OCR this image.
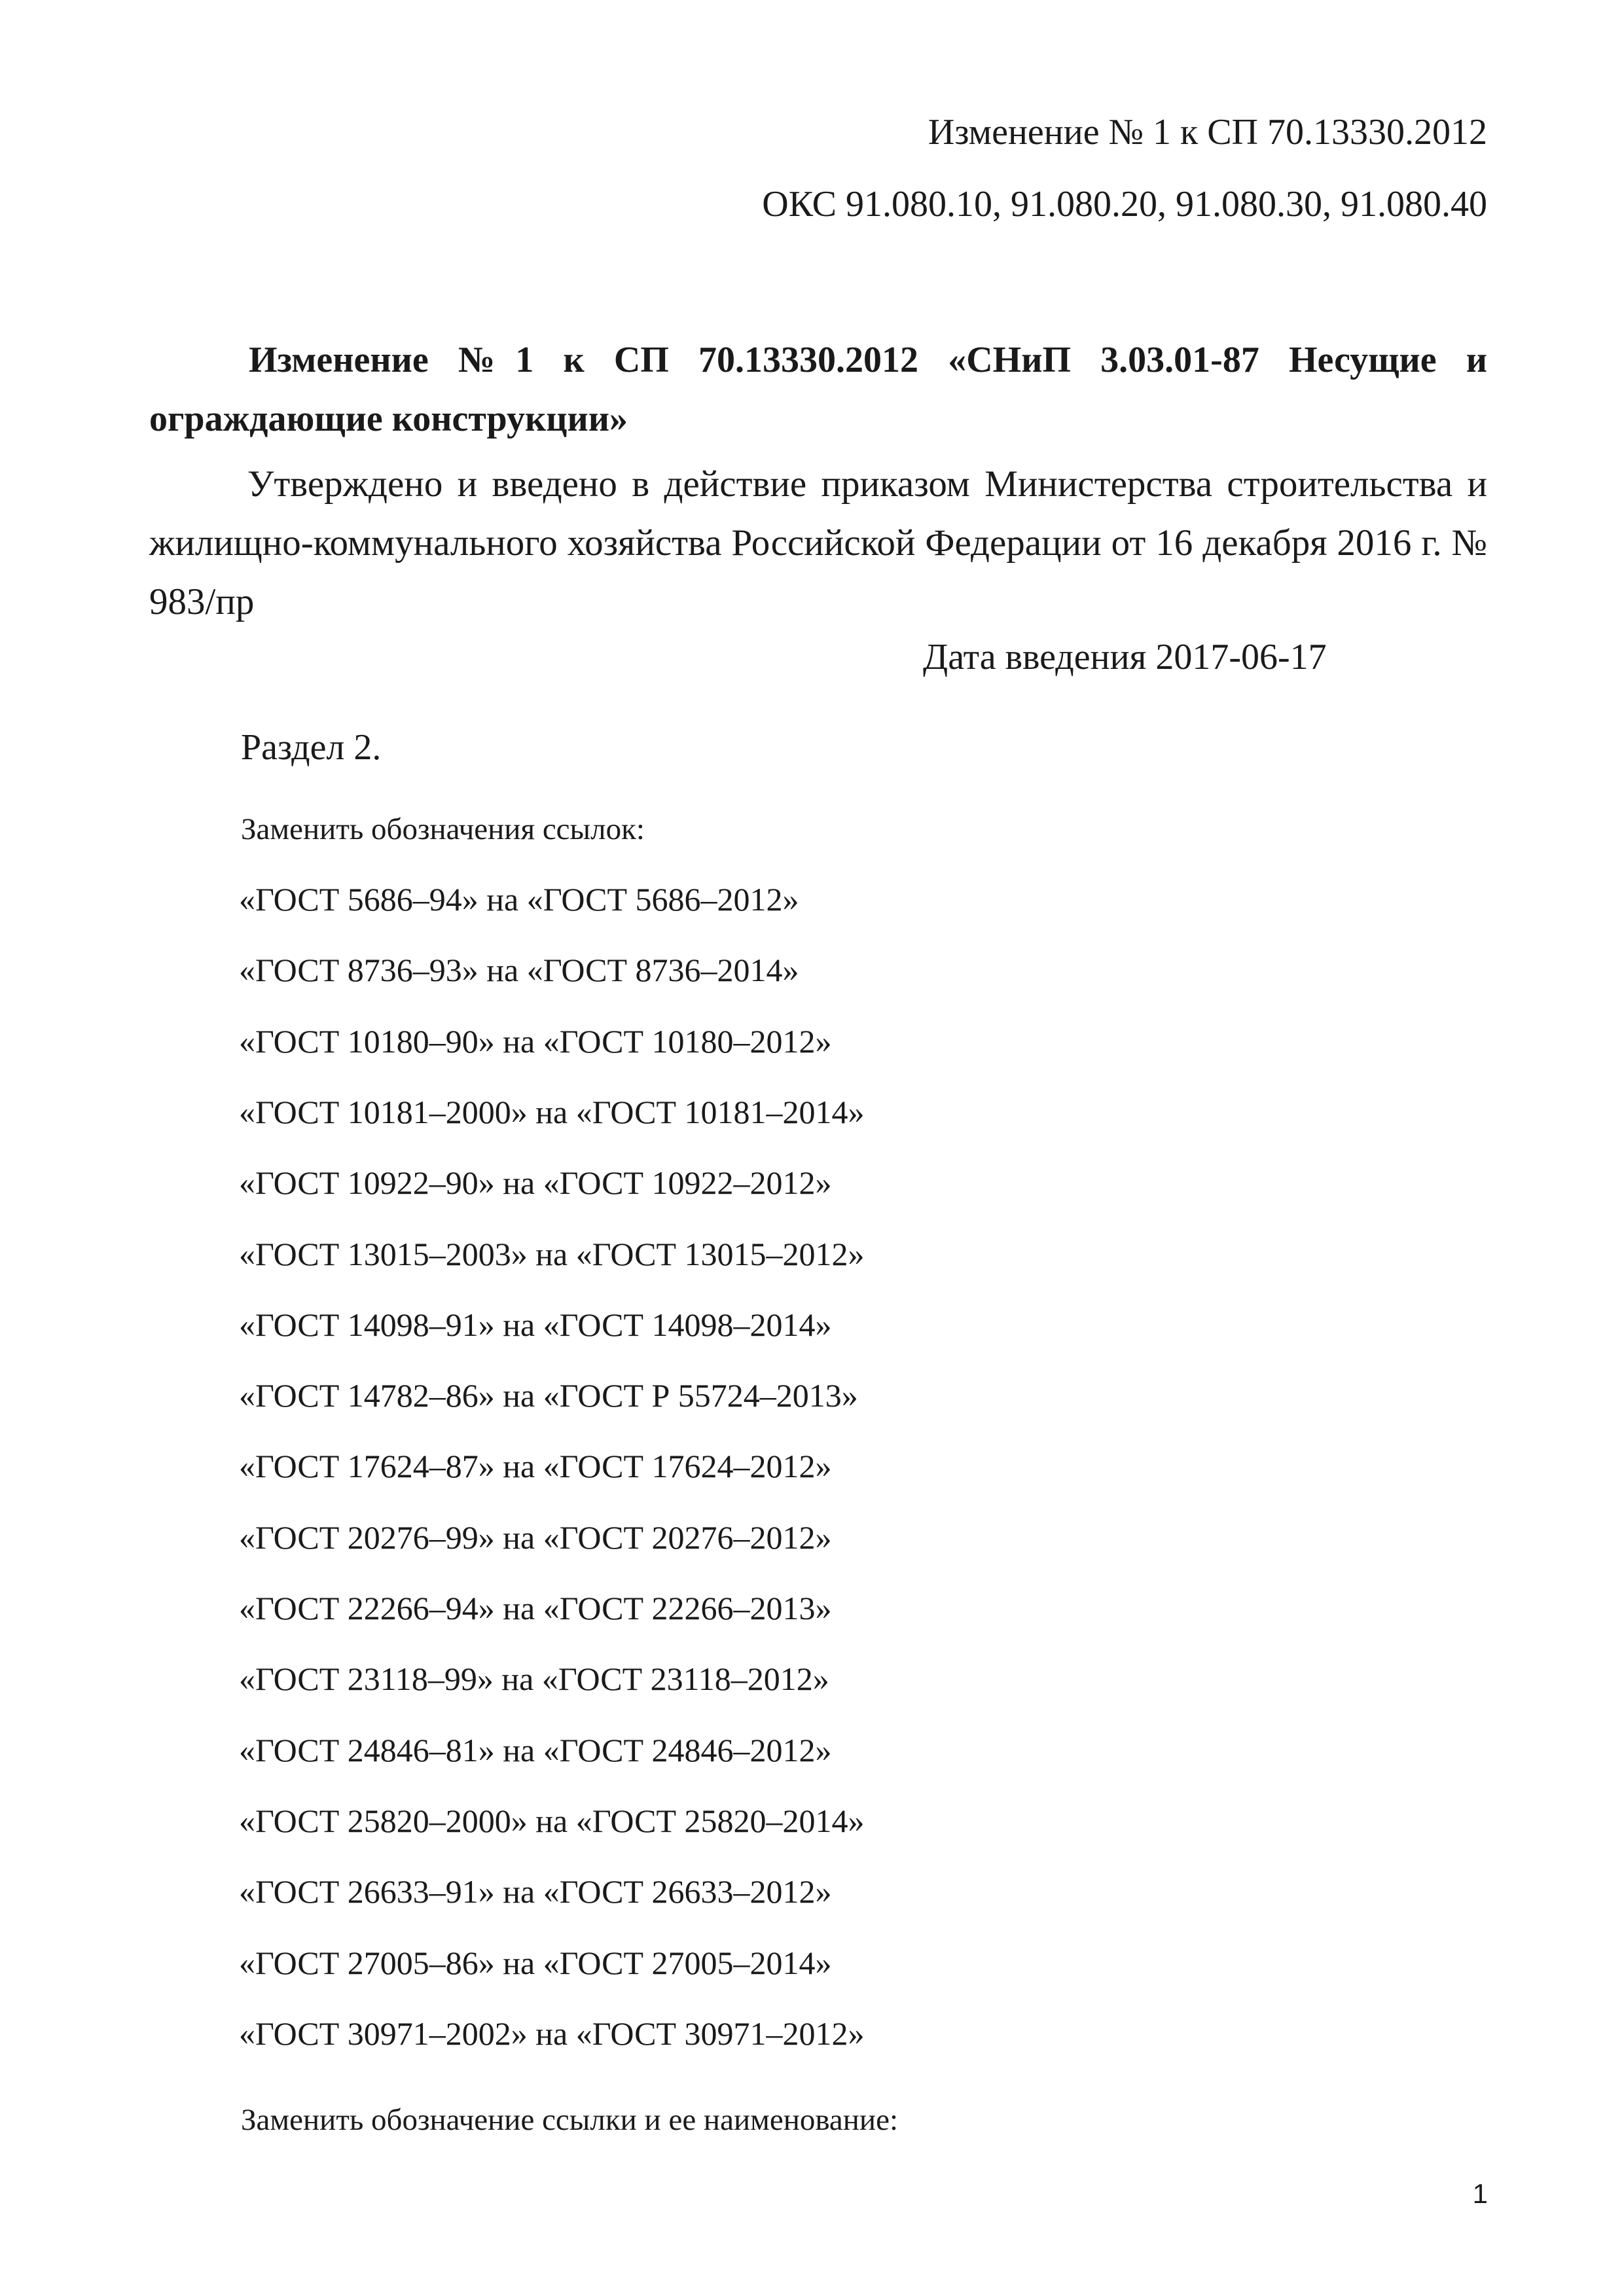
Изменение № 1 к СП 70.13330.2012
ОКС 91.080.10, 91.080.20, 91.080.30, 91.080.40
Изменение №1 к СП 70.13330.2012 «СНиП 3.03.01-87 Несущие и ограждающие конструкции»
Утверждено и введено в действие приказом Министерства строительства и жилищно-коммунального хозяйства Российской Федерации от 16 декабря 2016 г. № 983/пр
Дата введения 2017-06-17
Раздел 2.
Заменить обозначения ссылок:
«ГОСТ 5686–94» на «ГОСТ 5686–2012»
«ГОСТ 8736–93» на «ГОСТ 8736–2014»
«ГОСТ 10180–90» на «ГОСТ 10180–2012»
«ГОСТ 10181–2000» на «ГОСТ 10181–2014»
«ГОСТ 10922–90» на «ГОСТ 10922–2012»
«ГОСТ 13015–2003» на «ГОСТ 13015–2012»
«ГОСТ 14098–91» на «ГОСТ 14098–2014»
«ГОСТ 14782–86» на «ГОСТ Р 55724–2013»
«ГОСТ 17624–87» на «ГОСТ 17624–2012»
«ГОСТ 20276–99» на «ГОСТ 20276–2012»
«ГОСТ 22266–94» на «ГОСТ 22266–2013»
«ГОСТ 23118–99» на «ГОСТ 23118–2012»
«ГОСТ 24846–81» на «ГОСТ 24846–2012»
«ГОСТ 25820–2000» на «ГОСТ 25820–2014»
«ГОСТ 26633–91» на «ГОСТ 26633–2012»
«ГОСТ 27005–86» на «ГОСТ 27005–2014»
«ГОСТ 30971–2002» на «ГОСТ 30971–2012»
Заменить обозначение ссылки и ее наименование:
1
